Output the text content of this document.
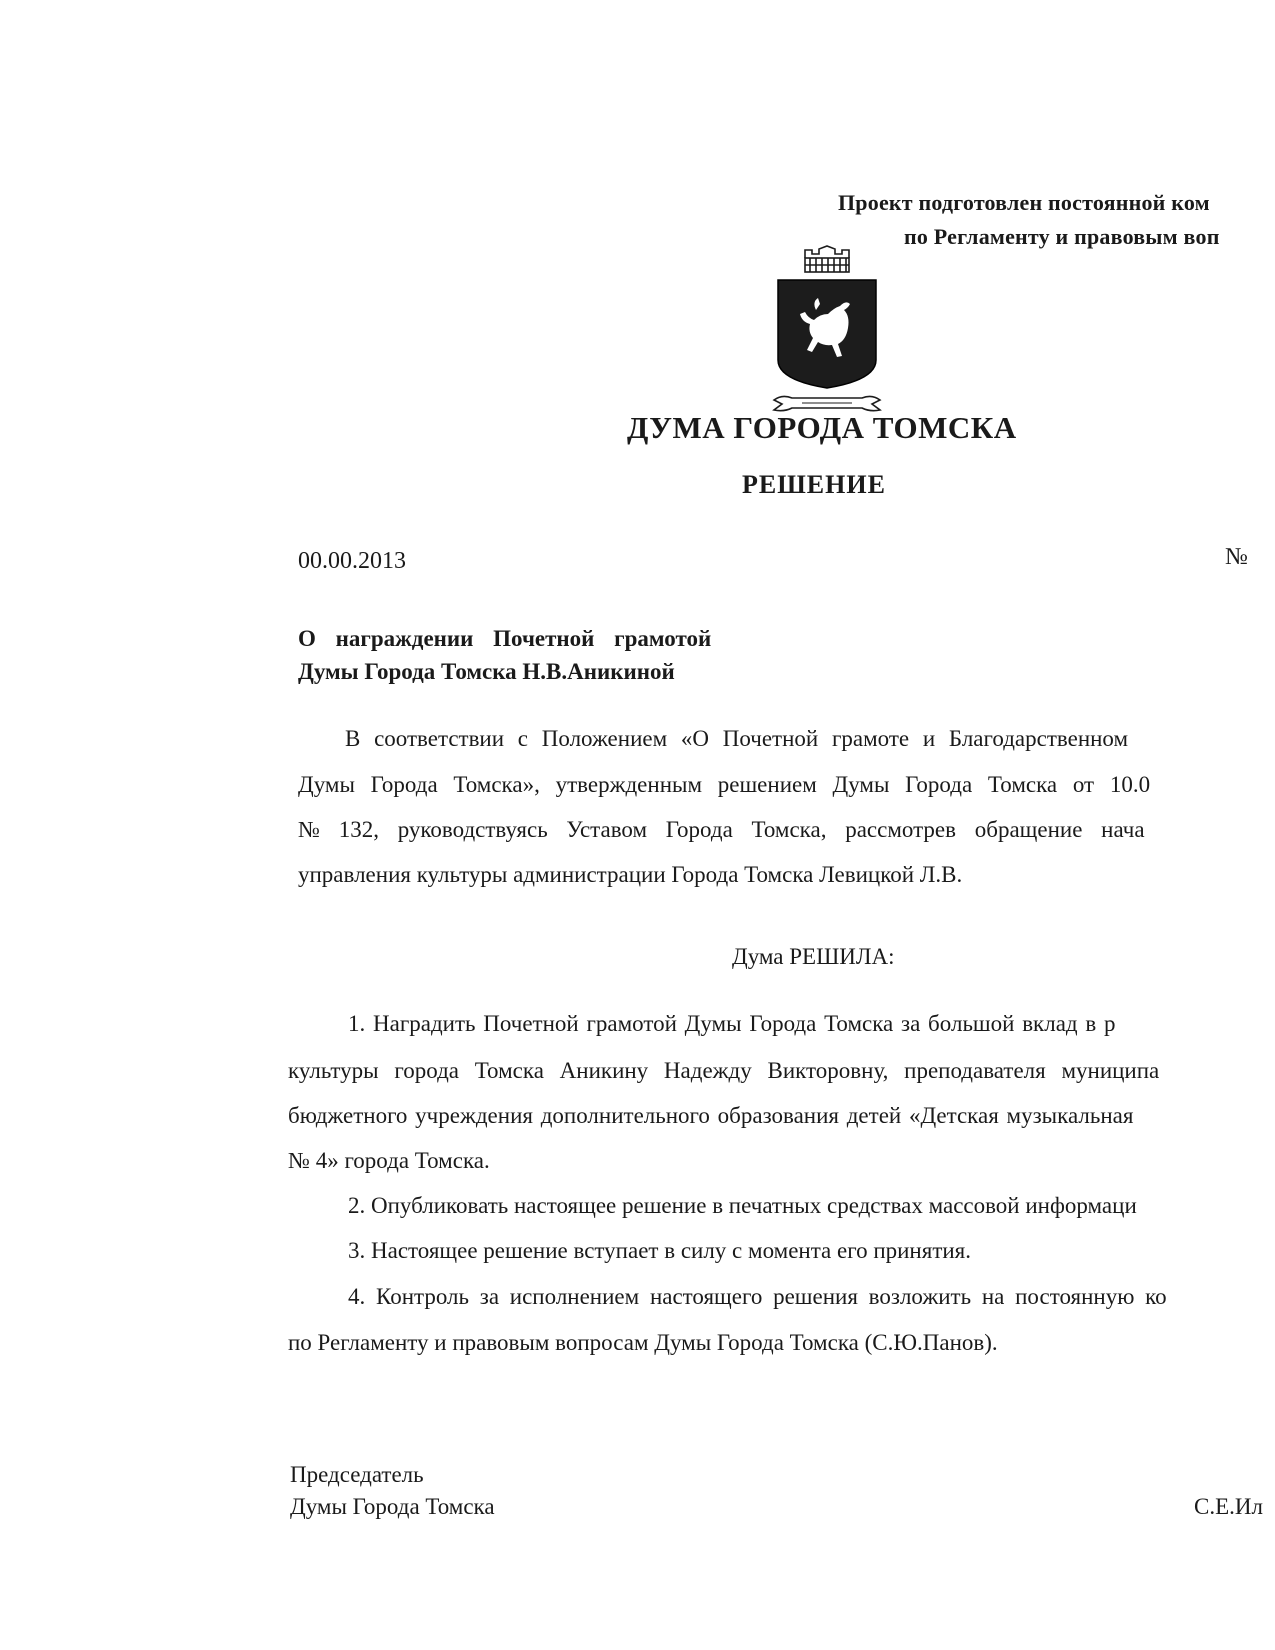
Проект подготовлен постоянной ком
по Регламенту и правовым воп
ДУМА ГОРОДА ТОМСКА
РЕШЕНИЕ
00.00.2013	№
О награждении Почетной грамотой
Думы Города Томска Н.В.Аникиной
В соответствии с Положением «О Почетной грамоте и Благодарственном
Думы Города Томска», утвержденным решением Думы Города Томска от 10.0
№ 132, руководствуясь Уставом Города Томска, рассмотрев обращение нача
управления культуры администрации Города Томска Левицкой Л.В.
Дума РЕШИЛА:
1. Наградить Почетной грамотой Думы Города Томска за большой вклад в р
культуры города Томска Аникину Надежду Викторовну, преподавателя муниципа
бюджетного учреждения дополнительного образования детей «Детская музыкальная
№ 4» города Томска.
2. Опубликовать настоящее решение в печатных средствах массовой информаци
3. Настоящее решение вступает в силу с момента его принятия.
4. Контроль за исполнением настоящего решения возложить на постоянную ко
по Регламенту и правовым вопросам Думы Города Томска (С.Ю.Панов).
Председатель
Думы Города Томска	С.Е.Ил
